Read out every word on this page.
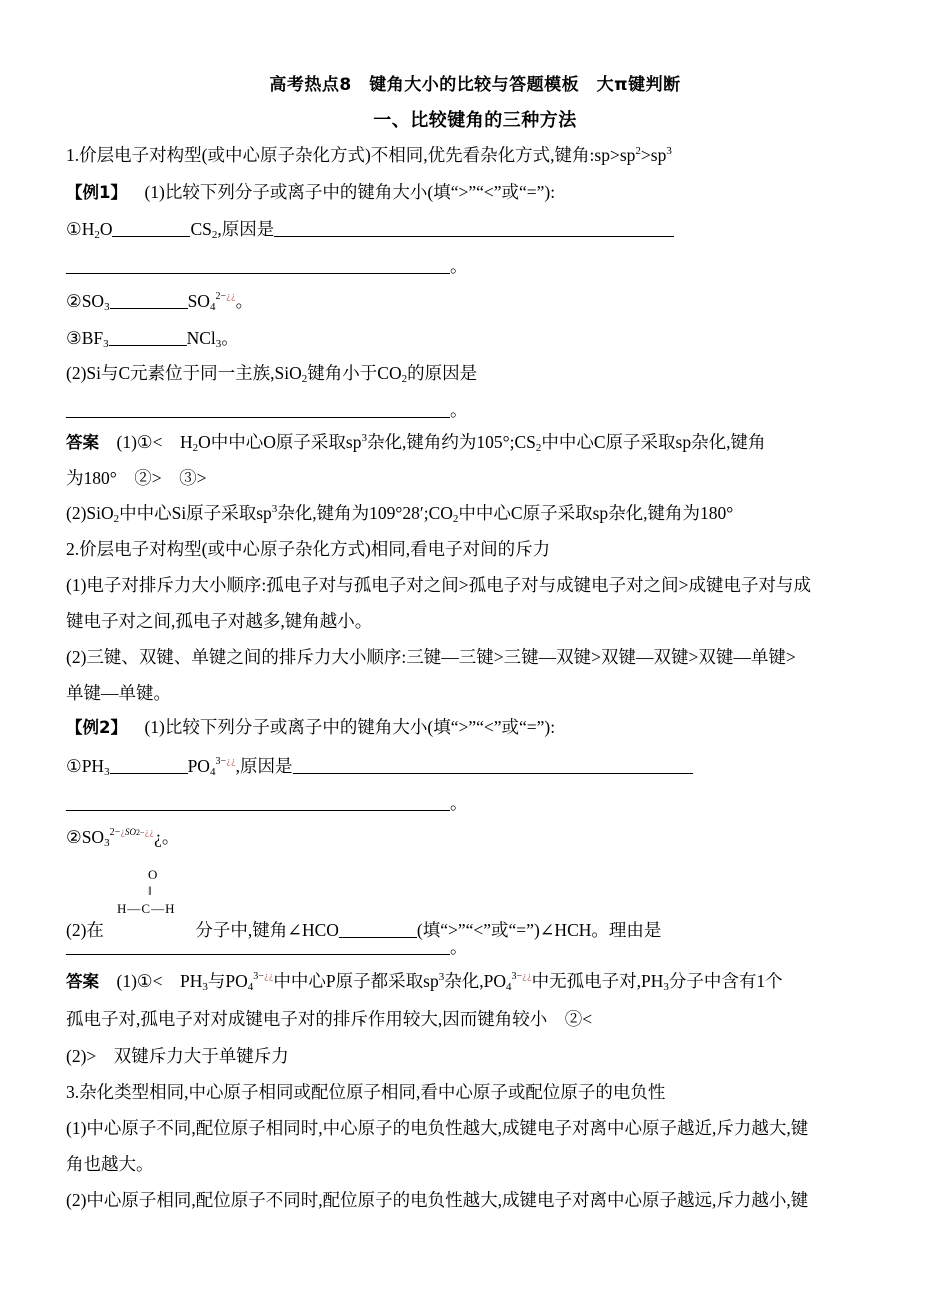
高考热点8　键角大小的比较与答题模板　大π键判断
一、比较键角的三种方法
1.价层电子对构型(或中心原子杂化方式)不相同,优先看杂化方式,键角$:sp>sp^2>sp^3$
【例1】 (1)比较下列分子或离子中的键角大小(填“>”“<”或“=”):
$①H_2O$	$CS_2$,原因是
。
$②SO_3$	$SO_4^{2-¿¿}$。
$③BF_3$	NCl$_3$。
(2)Si与C元素位于同一主族,SiO$_2$键角小于$CO_2$的原因是
。
答案 (1)①<　$H_2O$中中心O原子采取$sp^3$杂化,键角约为$105^\circ;CS_2$中中心C原子采取sp杂化,键角
为180°　②>　③>
(2)SiO$_2$中中心Si原子采取$sp^3$杂化,键角为$109^\circ 28';CO_2$中中心C原子采取sp杂化,键角为180°
2.价层电子对构型(或中心原子杂化方式)相同,看电子对间的斥力
(1)电子对排斥力大小顺序:孤电子对与孤电子对之间>孤电子对与成键电子对之间>成键电子对与成
键电子对之间,孤电子对越多,键角越小。
(2)三键、双键、单键之间的排斥力大小顺序:三键—三键>三键—双键>双键—双键>双键—单键>
单键—单键。
【例2】 (1)比较下列分子或离子中的键角大小(填“>”“<”或“=”):
$①PH_3$	$PO_4^{3-¿¿}$,原因是
。
$②SO_3^{2-¿SO2-¿¿}¿$。
(2)在
O
‖
H—C—H
分子中,键角∠HCO	(填“>”“<”或“=”)∠HCH。理由是
。
答案 (1)①<　$PH_3$与$PO_4^{3-¿¿}$中中心P原子都采取$sp^3$杂化$,PO_4^{3-¿¿}$中无孤电子对$,PH_3$分子中含有1个
孤电子对,孤电子对对成键电子对的排斥作用较大,因而键角较小　②<
(2)>　双键斥力大于单键斥力
3.杂化类型相同,中心原子相同或配位原子相同,看中心原子或配位原子的电负性
(1)中心原子不同,配位原子相同时,中心原子的电负性越大,成键电子对离中心原子越近,斥力越大,键
角也越大。
(2)中心原子相同,配位原子不同时,配位原子的电负性越大,成键电子对离中心原子越远,斥力越小,键
